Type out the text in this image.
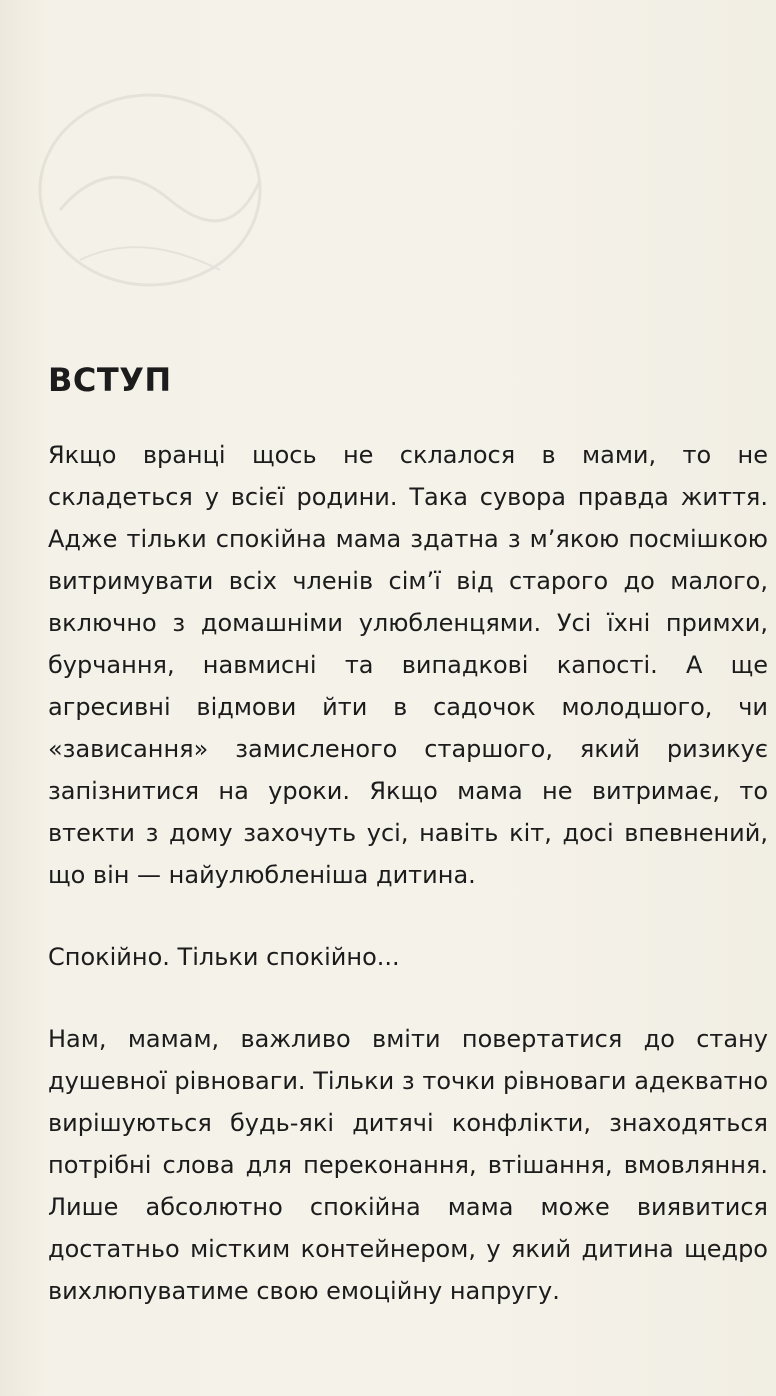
ВСТУП

Якщо вранці щось не склалося в мами, то не складеться у всієї родини. Така сувора правда життя. Адже тільки спокійна мама здатна з м’якою посмішкою витримувати всіх членів сім’ї від старого до малого, включно з домашніми улюбленцями. Усі їхні примхи, бурчання, навмисні та випадкові капості. А ще агресивні відмови йти в садочок молодшого, чи «зависання» замисленого старшого, який ризикує запізнитися на уроки. Якщо мама не витримає, то втекти з дому захочуть усі, навіть кіт, досі впевнений, що він — найулюбленіша дитина.

Спокійно. Тільки спокійно...

Нам, мамам, важливо вміти повертатися до стану душевної рівноваги. Тільки з точки рівноваги адекватно вирішуються будь-які дитячі конфлікти, знаходяться потрібні слова для переконання, втішання, вмовляння. Лише абсолютно спокійна мама може виявитися достатньо містким контейнером, у який дитина щедро вихлюпуватиме свою емоційну напругу.
